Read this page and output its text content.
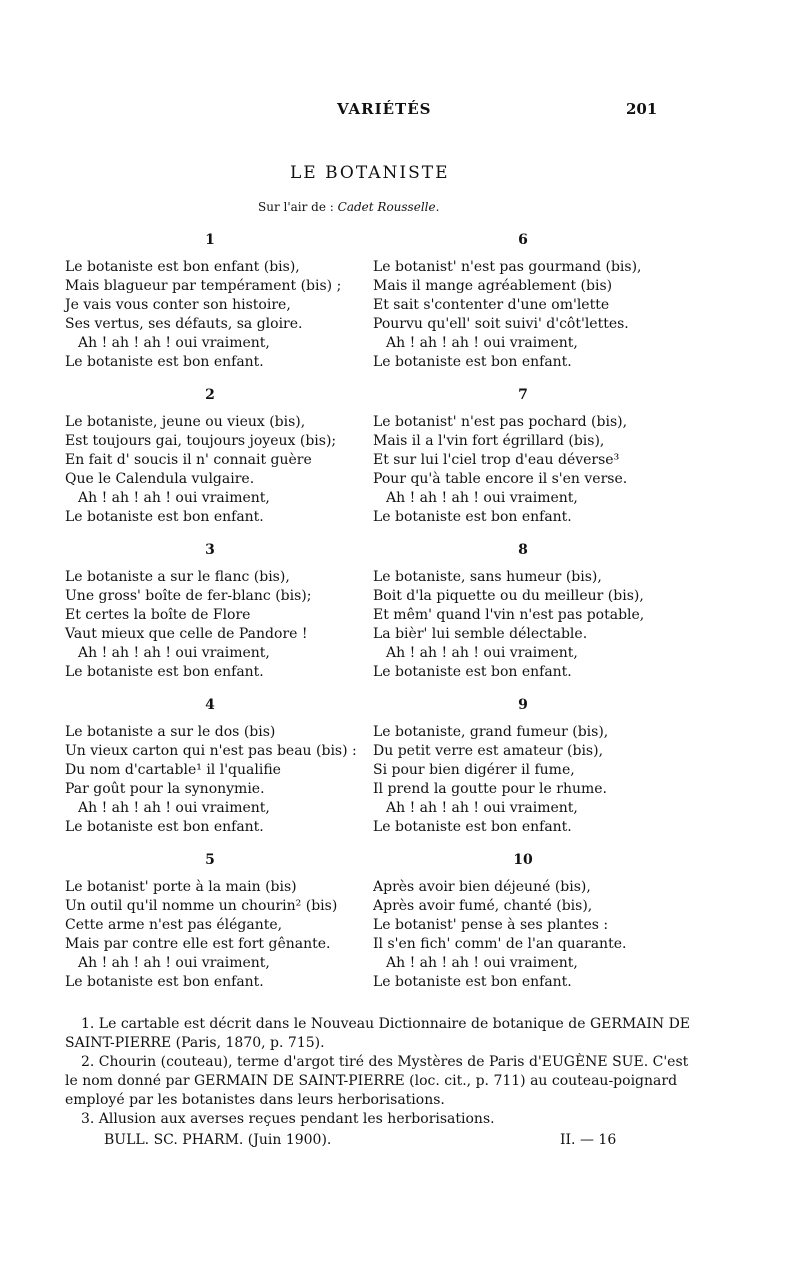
VARIÉTÉS	201
LE BOTANISTE
Sur l'air de : Cadet Rousselle.
1
Le botaniste est bon enfant (bis),
Mais blagueur par tempérament (bis) ;
Je vais vous conter son histoire,
Ses vertus, ses défauts, sa gloire.
Ah ! ah ! ah ! oui vraiment,
Le botaniste est bon enfant.
2
Le botaniste, jeune ou vieux (bis),
Est toujours gai, toujours joyeux (bis);
En fait d' soucis il n' connait guère
Que le Calendula vulgaire.
Ah ! ah ! ah ! oui vraiment,
Le botaniste est bon enfant.
3
Le botaniste a sur le flanc (bis),
Une gross' boîte de fer-blanc (bis);
Et certes la boîte de Flore
Vaut mieux que celle de Pandore !
Ah ! ah ! ah ! oui vraiment,
Le botaniste est bon enfant.
4
Le botaniste a sur le dos (bis)
Un vieux carton qui n'est pas beau (bis) :
Du nom d'cartable¹ il l'qualifie
Par goût pour la synonymie.
Ah ! ah ! ah ! oui vraiment,
Le botaniste est bon enfant.
5
Le botanist' porte à la main (bis)
Un outil qu'il nomme un chourin² (bis)
Cette arme n'est pas élégante,
Mais par contre elle est fort gênante.
Ah ! ah ! ah ! oui vraiment,
Le botaniste est bon enfant.
6
Le botanist' n'est pas gourmand (bis),
Mais il mange agréablement (bis)
Et sait s'contenter d'une om'lette
Pourvu qu'ell' soit suivi' d'côt'lettes.
Ah ! ah ! ah ! oui vraiment,
Le botaniste est bon enfant.
7
Le botanist' n'est pas pochard (bis),
Mais il a l'vin fort égrillard (bis),
Et sur lui l'ciel trop d'eau déverse³
Pour qu'à table encore il s'en verse.
Ah ! ah ! ah ! oui vraiment,
Le botaniste est bon enfant.
8
Le botaniste, sans humeur (bis),
Boit d'la piquette ou du meilleur (bis),
Et mêm' quand l'vin n'est pas potable,
La bièr' lui semble délectable.
Ah ! ah ! ah ! oui vraiment,
Le botaniste est bon enfant.
9
Le botaniste, grand fumeur (bis),
Du petit verre est amateur (bis),
Si pour bien digérer il fume,
Il prend la goutte pour le rhume.
Ah ! ah ! ah ! oui vraiment,
Le botaniste est bon enfant.
10
Après avoir bien déjeuné (bis),
Après avoir fumé, chanté (bis),
Le botanist' pense à ses plantes :
Il s'en fich' comm' de l'an quarante.
Ah ! ah ! ah ! oui vraiment,
Le botaniste est bon enfant.
1. Le cartable est décrit dans le Nouveau Dictionnaire de botanique de GERMAIN DE SAINT-PIERRE (Paris, 1870, p. 715).
2. Chourin (couteau), terme d'argot tiré des Mystères de Paris d'EUGÈNE SUE. C'est le nom donné par GERMAIN DE SAINT-PIERRE (loc. cit., p. 711) au couteau-poignard employé par les botanistes dans leurs herborisations.
3. Allusion aux averses reçues pendant les herborisations.
BULL. SC. PHARM. (Juin 1900).	II. — 16
